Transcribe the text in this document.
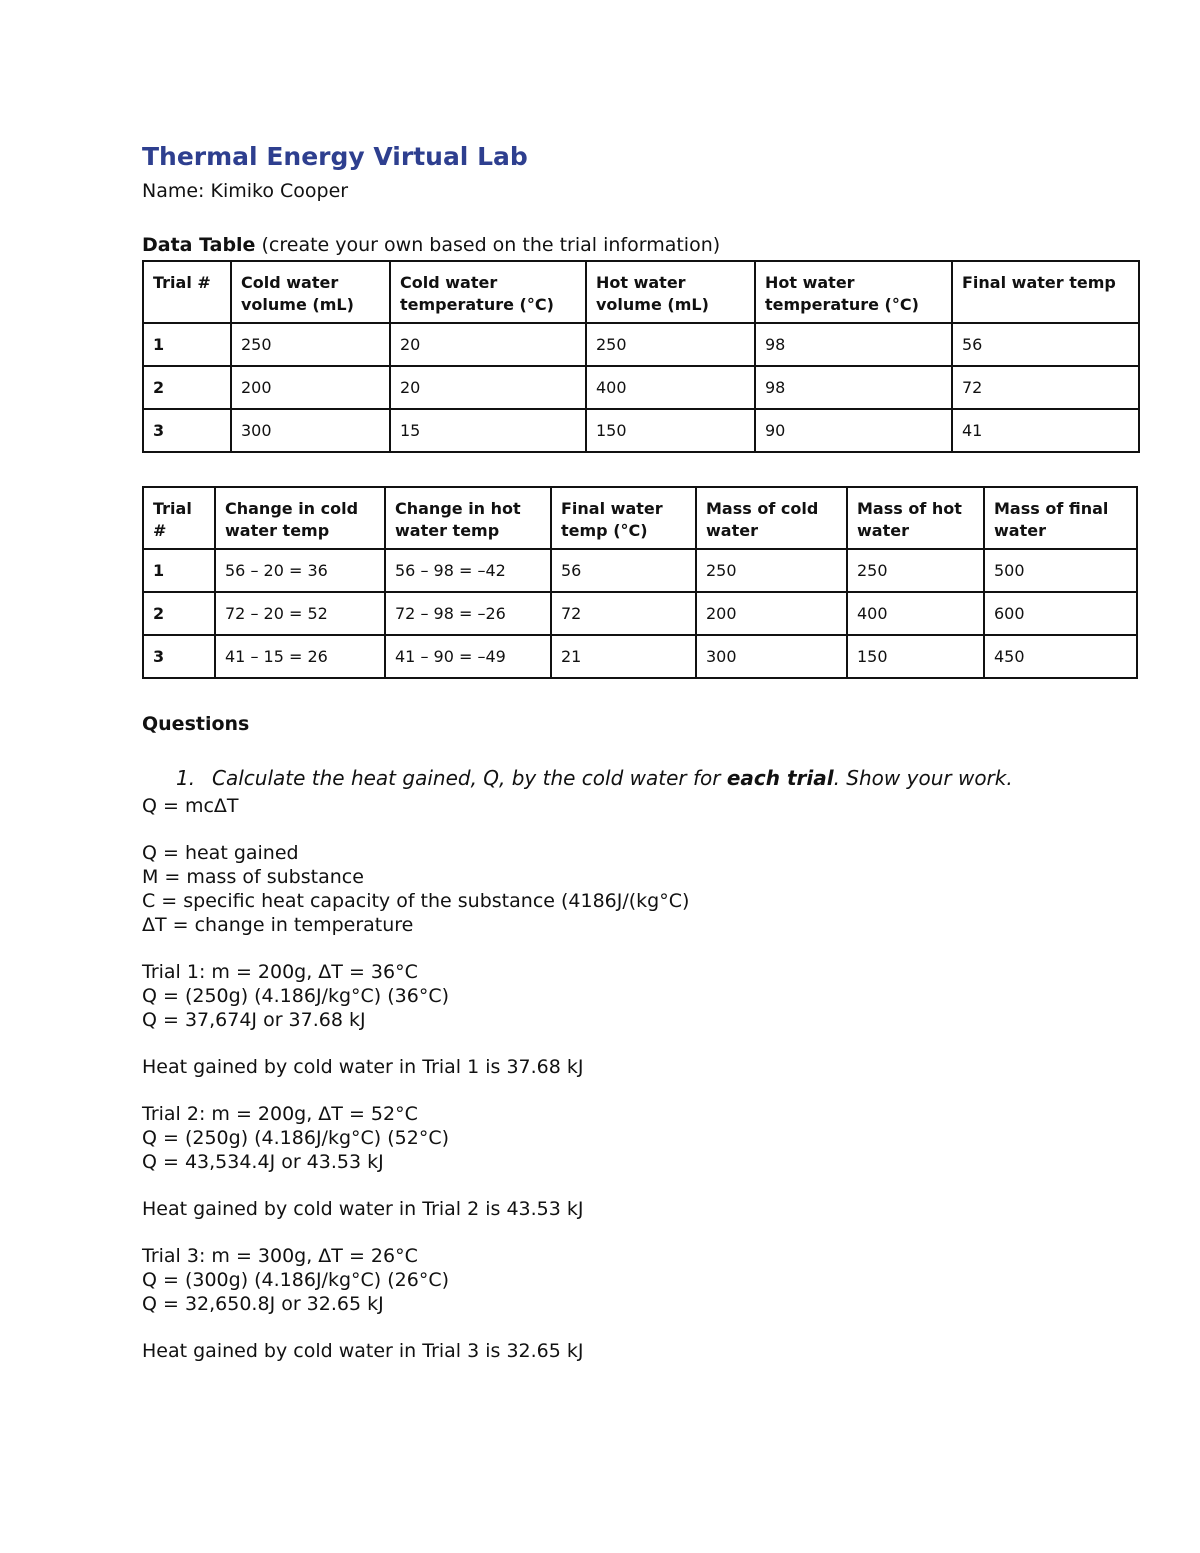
Thermal Energy Virtual Lab
Name: Kimiko Cooper
Data Table (create your own based on the trial information)
Trial #	Cold water volume (mL)	Cold water temperature (°C)	Hot water volume (mL)	Hot water temperature (°C)	Final water temp
1	250	20	250	98	56
2	200	20	400	98	72
3	300	15	150	90	41
Trial #	Change in cold water temp	Change in hot water temp	Final water temp (°C)	Mass of cold water	Mass of hot water	Mass of final water
1	56 – 20 = 36	56 – 98 = –42	56	250	250	500
2	72 – 20 = 52	72 – 98 = –26	72	200	400	600
3	41 – 15 = 26	41 – 90 = –49	21	300	150	450
Questions
1. Calculate the heat gained, Q, by the cold water for each trial. Show your work.
Q = mcΔT
Q = heat gained
M = mass of substance
C = specific heat capacity of the substance (4186J/(kg°C)
ΔT = change in temperature
Trial 1: m = 200g, ΔT = 36°C
Q = (250g) (4.186J/kg°C) (36°C)
Q = 37,674J or 37.68 kJ
Heat gained by cold water in Trial 1 is 37.68 kJ
Trial 2: m = 200g, ΔT = 52°C
Q = (250g) (4.186J/kg°C) (52°C)
Q = 43,534.4J or 43.53 kJ
Heat gained by cold water in Trial 2 is 43.53 kJ
Trial 3: m = 300g, ΔT = 26°C
Q = (300g) (4.186J/kg°C) (26°C)
Q = 32,650.8J or 32.65 kJ
Heat gained by cold water in Trial 3 is 32.65 kJ
